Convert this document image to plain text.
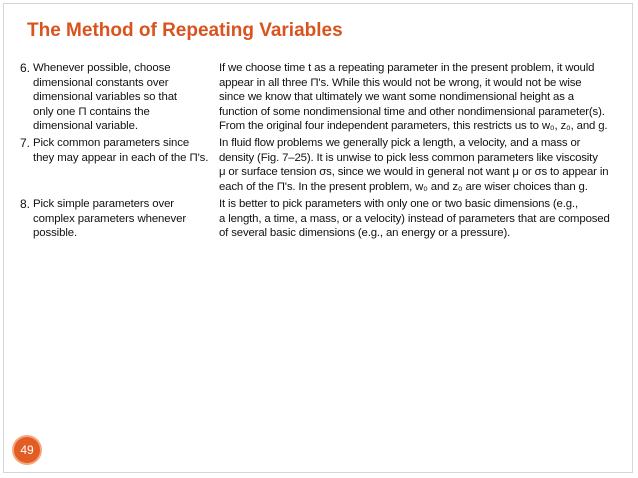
The Method of Repeating Variables
6. Whenever possible, choose

dimensional constants over

dimensional variables so that

only one Π contains the

dimensional variable.

If we choose time t as a repeating parameter in the present problem, it would

appear in all three Π's. While this would not be wrong, it would not be wise

since we know that ultimately we want some nondimensional height as a

function of some nondimensional time and other nondimensional parameter(s).

From the original four independent parameters, this restricts us to w₀, z₀, and g.

7. Pick common parameters since

they may appear in each of the Π's.

In fluid flow problems we generally pick a length, a velocity, and a mass or

density (Fig. 7–25). It is unwise to pick less common parameters like viscosity

μ or surface tension σs, since we would in general not want μ or σs to appear in

each of the Π's. In the present problem, w₀ and z₀ are wiser choices than g.

8. Pick simple parameters over

complex parameters whenever

possible.

It is better to pick parameters with only one or two basic dimensions (e.g.,

a length, a time, a mass, or a velocity) instead of parameters that are composed

of several basic dimensions (e.g., an energy or a pressure).

49
